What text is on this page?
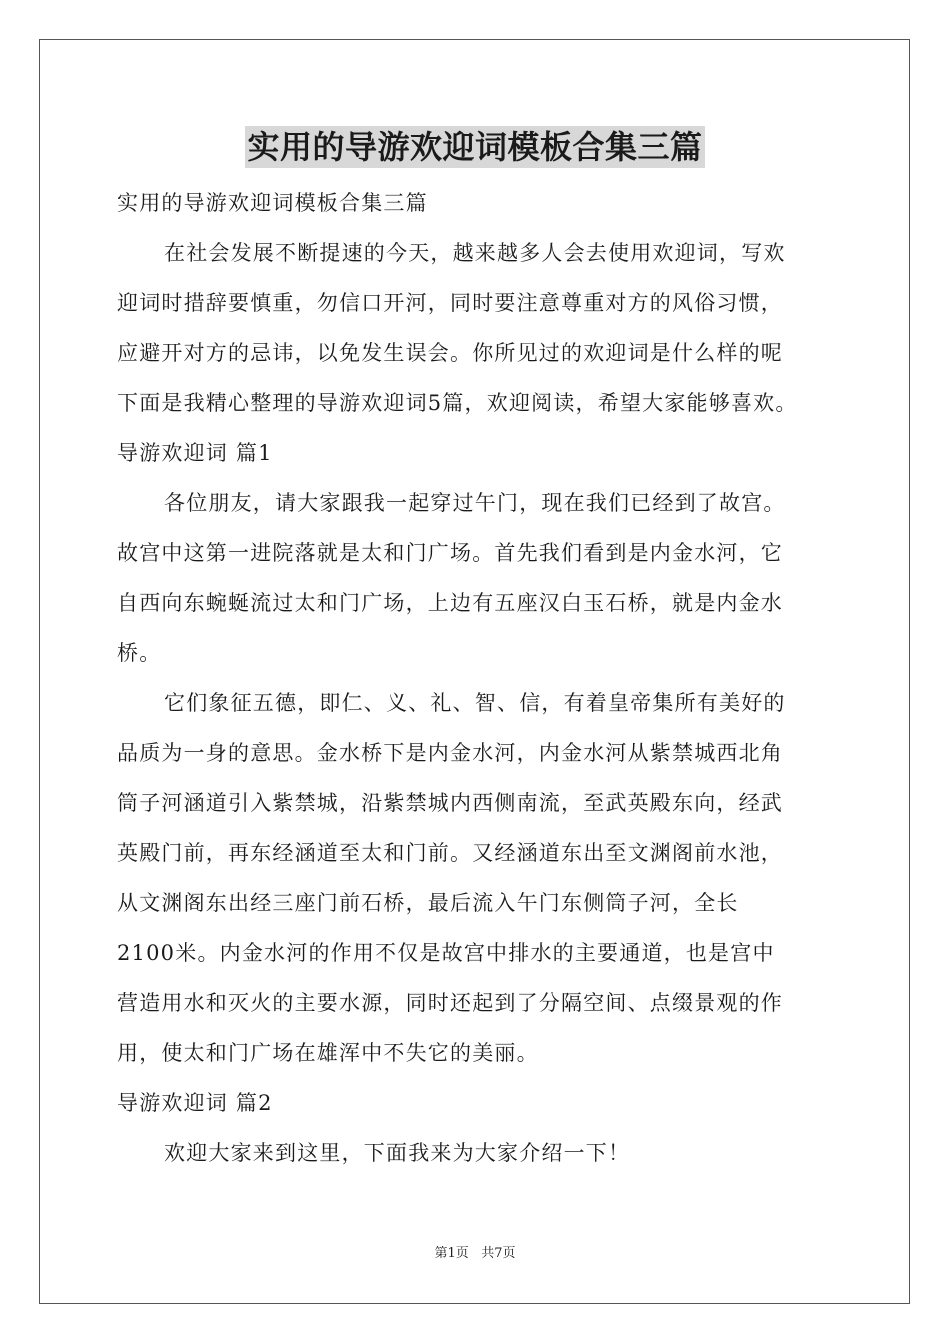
实用的导游欢迎词模板合集三篇
实用的导游欢迎词模板合集三篇
在社会发展不断提速的今天，越来越多人会去使用欢迎词，写欢
迎词时措辞要慎重，勿信口开河，同时要注意尊重对方的风俗习惯，
应避开对方的忌讳，以免发生误会。你所见过的欢迎词是什么样的呢
下面是我精心整理的导游欢迎词5篇，欢迎阅读，希望大家能够喜欢。
导游欢迎词 篇1
各位朋友，请大家跟我一起穿过午门，现在我们已经到了故宫。
故宫中这第一进院落就是太和门广场。首先我们看到是内金水河，它
自西向东蜿蜒流过太和门广场，上边有五座汉白玉石桥，就是内金水
桥。
它们象征五德，即仁、义、礼、智、信，有着皇帝集所有美好的
品质为一身的意思。金水桥下是内金水河，内金水河从紫禁城西北角
筒子河涵道引入紫禁城，沿紫禁城内西侧南流，至武英殿东向，经武
英殿门前，再东经涵道至太和门前。又经涵道东出至文渊阁前水池，
从文渊阁东出经三座门前石桥，最后流入午门东侧筒子河，全长
2100米。内金水河的作用不仅是故宫中排水的主要通道，也是宫中
营造用水和灭火的主要水源，同时还起到了分隔空间、点缀景观的作
用，使太和门广场在雄浑中不失它的美丽。
导游欢迎词 篇2
欢迎大家来到这里，下面我来为大家介绍一下！
第1页 共7页
